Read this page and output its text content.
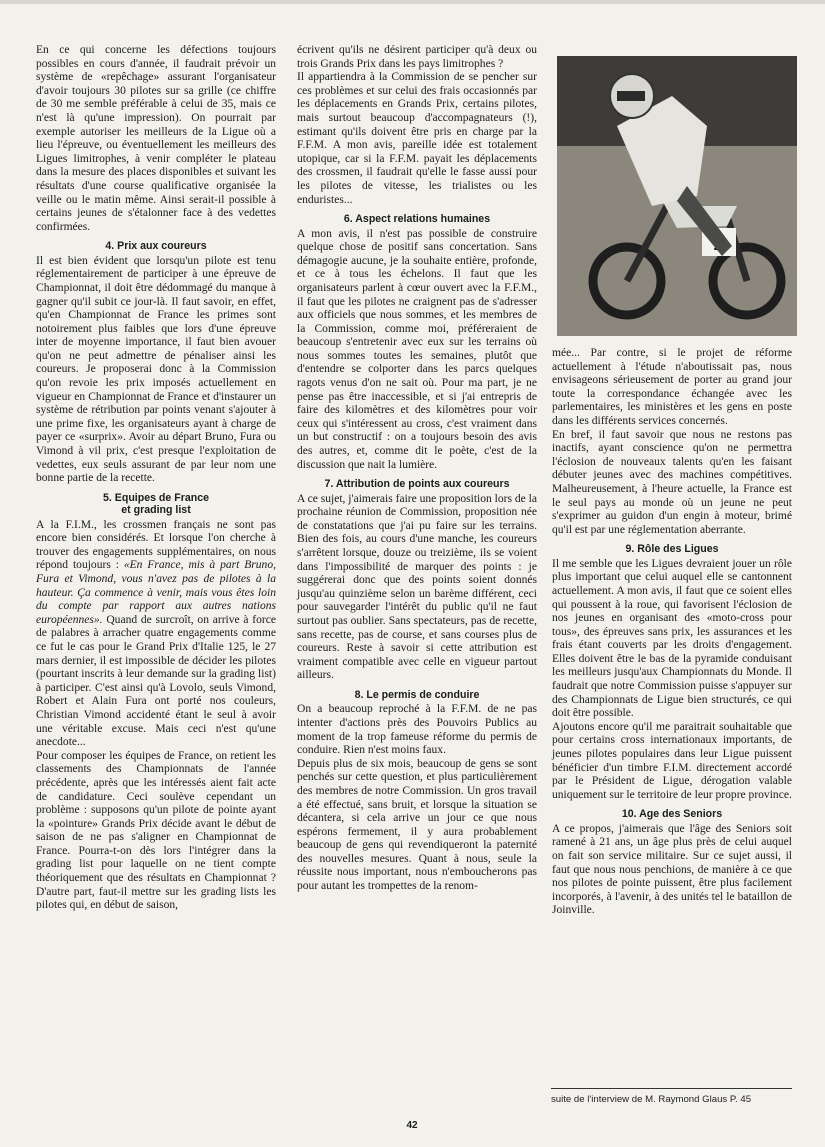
En ce qui concerne les défections toujours possibles en cours d'année, il faudrait prévoir un système de «repêchage» assurant l'organisateur d'avoir toujours 30 pilotes sur sa grille (ce chiffre de 30 me semble préférable à celui de 35, mais ce n'est là qu'une impression). On pourrait par exemple autoriser les meilleurs de la Ligue où a lieu l'épreuve, ou éventuellement les meilleurs des Ligues limitrophes, à venir compléter le plateau dans la mesure des places disponibles et suivant les résultats d'une course qualificative organisée la veille ou le matin même. Ainsi serait-il possible à certains jeunes de s'étalonner face à des vedettes confirmées.

4. Prix aux coureurs

Il est bien évident que lorsqu'un pilote est tenu réglementairement de participer à une épreuve de Championnat, il doit être dédommagé du manque à gagner qu'il subit ce jour-là. Il faut savoir, en effet, qu'en Championnat de France les primes sont notoirement plus faibles que lors d'une épreuve inter de moyenne importance, il faut bien avouer qu'on ne peut admettre de pénaliser ainsi les coureurs. Je proposerai donc à la Commission qu'on revoie les prix imposés actuellement en vigueur en Championnat de France et d'instaurer un système de rétribution par points venant s'ajouter à une prime fixe, les organisateurs ayant à charge de payer ce «surprix». Avoir au départ Bruno, Fura ou Vimond à vil prix, c'est presque l'exploitation de vedettes, eux seuls assurant de par leur nom une bonne partie de la recette.

5. Equipes de France
et grading list

A la F.I.M., les crossmen français ne sont pas encore bien considérés. Et lorsque l'on cherche à trouver des engagements supplémentaires, on nous répond toujours : «En France, mis à part Bruno, Fura et Vimond, vous n'avez pas de pilotes à la hauteur. Ça commence à venir, mais vous êtes loin du compte par rapport aux autres nations européennes». Quand de surcroît, on arrive à force de palabres à arracher quatre engagements comme ce fut le cas pour le Grand Prix d'Italie 125, le 27 mars dernier, il est impossible de décider les pilotes (pourtant inscrits à leur demande sur la grading list) à participer. C'est ainsi qu'à Lovolo, seuls Vimond, Robert et Alain Fura ont porté nos couleurs, Christian Vimond accidenté étant le seul à avoir une véritable excuse. Mais ceci n'est qu'une anecdote...

Pour composer les équipes de France, on retient les classements des Championnats de l'année précédente, après que les intéressés aient fait acte de candidature. Ceci soulève cependant un problème : supposons qu'un pilote de pointe ayant la «pointure» Grands Prix décide avant le début de saison de ne pas s'aligner en Championnat de France. Pourra-t-on dès lors l'intégrer dans la grading list pour laquelle on ne tient compte théoriquement que des résultats en Championnat ? D'autre part, faut-il mettre sur les grading lists les pilotes qui, en début de saison,

écrivent qu'ils ne désirent participer qu'à deux ou trois Grands Prix dans les pays limitrophes ?

Il appartiendra à la Commission de se pencher sur ces problèmes et sur celui des frais occasionnés par les déplacements en Grands Prix, certains pilotes, mais surtout beaucoup d'accompagnateurs (!), estimant qu'ils doivent être pris en charge par la F.F.M. A mon avis, pareille idée est totalement utopique, car si la F.F.M. payait les déplacements des crossmen, il faudrait qu'elle le fasse aussi pour les pilotes de vitesse, les trialistes ou les enduristes...

6. Aspect relations humaines

A mon avis, il n'est pas possible de construire quelque chose de positif sans concertation. Sans démagogie aucune, je la souhaite entière, profonde, et ce à tous les échelons. Il faut que les organisateurs parlent à cœur ouvert avec la F.F.M., il faut que les pilotes ne craignent pas de s'adresser aux officiels que nous sommes, et les membres de la Commission, comme moi, préféreraient de beaucoup s'entretenir avec eux sur les terrains où nous sommes toutes les semaines, plutôt que d'entendre se colporter dans les parcs quelques ragots venus d'on ne sait où. Pour ma part, je ne pense pas être inaccessible, et si j'ai entrepris de faire des kilomètres et des kilomètres pour voir ceux qui s'intéressent au cross, c'est vraiment dans un but constructif : on a toujours besoin des avis des autres, et, comme dit le poète, c'est de la discussion que nait la lumière.

7. Attribution de points aux coureurs

A ce sujet, j'aimerais faire une proposition lors de la prochaine réunion de Commission, proposition née de constatations que j'ai pu faire sur les terrains. Bien des fois, au cours d'une manche, les coureurs s'arrêtent lorsque, douze ou treizième, ils se voient dans l'impossibilité de marquer des points : je suggérerai donc que des points soient donnés jusqu'au quinzième selon un barème différent, ceci pour sauvegarder l'intérêt du public qu'il ne faut surtout pas oublier. Sans spectateurs, pas de recette, sans recette, pas de course, et sans courses plus de coureurs. Reste à savoir si cette attribution est vraiment compatible avec celle en vigueur partout ailleurs.

8. Le permis de conduire

On a beaucoup reproché à la F.F.M. de ne pas intenter d'actions près des Pouvoirs Publics au moment de la trop fameuse réforme du permis de conduire. Rien n'est moins faux.

Depuis plus de six mois, beaucoup de gens se sont penchés sur cette question, et plus particulièrement des membres de notre Commission. Un gros travail a été effectué, sans bruit, et lorsque la situation se décantera, si cela arrive un jour ce que nous espérons fermement, il y aura probablement beaucoup de gens qui revendiqueront la paternité des nouvelles mesures. Quant à nous, seule la réussite nous important, nous n'emboucherons pas pour autant les trompettes de la renom-

mée... Par contre, si le projet de réforme actuellement à l'étude n'aboutissait pas, nous envisageons sérieusement de porter au grand jour toute la correspondance échangée avec les parlementaires, les ministères et les gens en poste dans les différents services concernés.

En bref, il faut savoir que nous ne restons pas inactifs, ayant conscience qu'on ne permettra l'éclosion de nouveaux talents qu'en les faisant débuter jeunes avec des machines compétitives. Malheureusement, à l'heure actuelle, la France est le seul pays au monde où un jeune ne peut s'exprimer au guidon d'un engin à moteur, brimé qu'il est par une réglementation aberrante.

9. Rôle des Ligues

Il me semble que les Ligues devraient jouer un rôle plus important que celui auquel elle se cantonnent actuellement. A mon avis, il faut que ce soient elles qui poussent à la roue, qui favorisent l'éclosion de nos jeunes en organisant des «moto-cross pour tous», des épreuves sans prix, les assurances et les frais étant couverts par les droits d'engagement. Elles doivent être le bas de la pyramide conduisant les meilleurs jusqu'aux Championnats du Monde. Il faudrait que notre Commission puisse s'appuyer sur des Championnats de Ligue bien structurés, ce qui doit être possible.

Ajoutons encore qu'il me paraitrait souhaitable que pour certains cross internationaux importants, de jeunes pilotes populaires dans leur Ligue puissent bénéficier d'un timbre F.I.M. directement accordé par le Président de Ligue, dérogation valable uniquement sur le territoire de leur propre province.

10. Age des Seniors

A ce propos, j'aimerais que l'âge des Seniors soit ramené à 21 ans, un âge plus près de celui auquel on fait son service militaire. Sur ce sujet aussi, il faut que nous nous penchions, de manière à ce que nos pilotes de pointe puissent, être plus facilement incorporés, à l'avenir, à des unités tel le bataillon de Joinville.

suite de l'interview de M. Raymond Glaus P. 45
42
